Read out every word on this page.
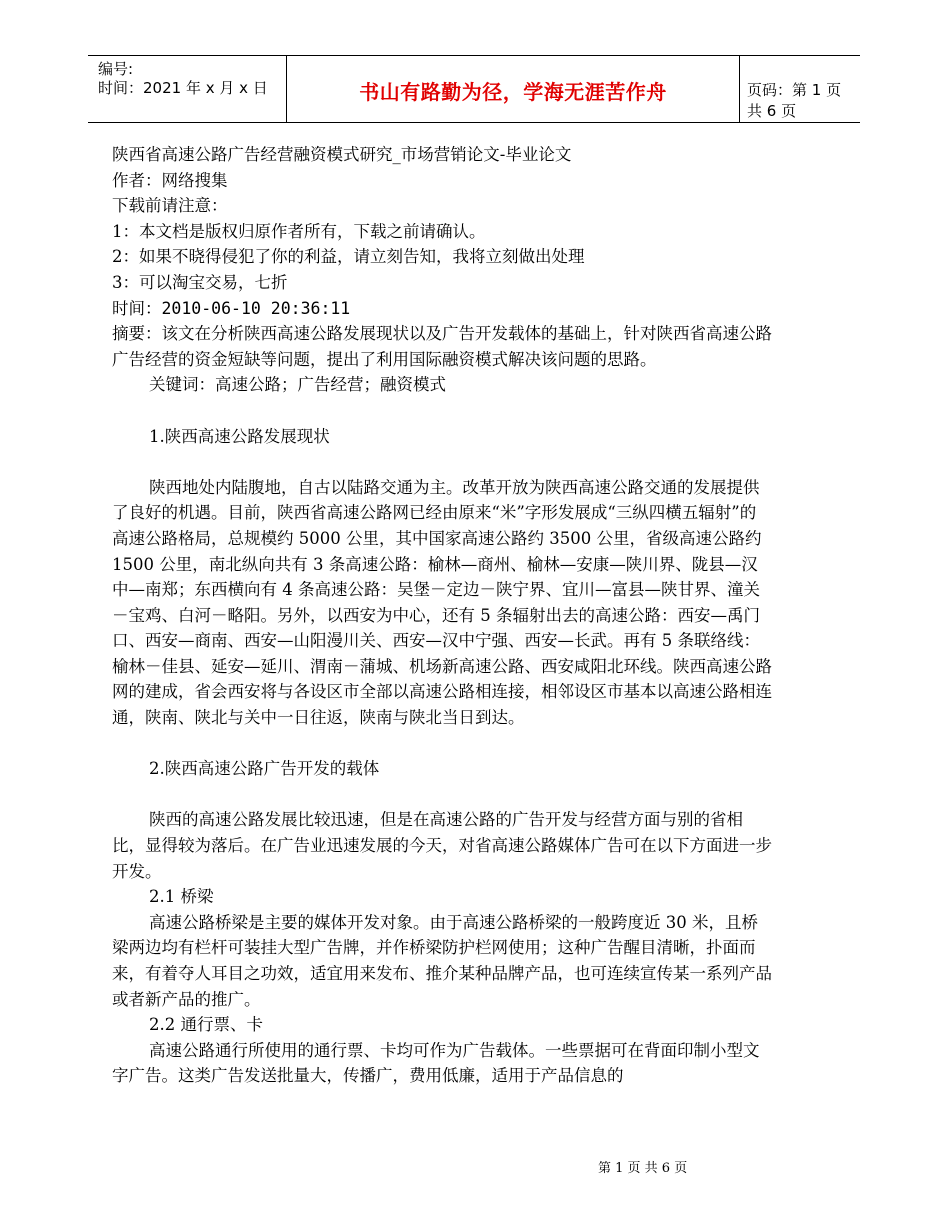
编号:
时间：2021 年 x 月 x 日	书山有路勤为径，学海无涯苦作舟	页码：第 1 页 共 6 页

陕西省高速公路广告经营融资模式研究_市场营销论文-毕业论文

作者：网络搜集

下载前请注意：

1：本文档是版权归原作者所有，下载之前请确认。

2：如果不晓得侵犯了你的利益，请立刻告知，我将立刻做出处理

3：可以淘宝交易，七折

时间：2010-06-10 20:36:11

摘要：该文在分析陕西高速公路发展现状以及广告开发载体的基础上，针对陕西省高速公路广告经营的资金短缺等问题，提出了利用国际融资模式解决该问题的思路。

关键词：高速公路；广告经营；融资模式

1.陕西高速公路发展现状

陕西地处内陆腹地，自古以陆路交通为主。改革开放为陕西高速公路交通的发展提供了良好的机遇。目前，陕西省高速公路网已经由原来“米”字形发展成“三纵四横五辐射”的高速公路格局，总规模约 5000 公里，其中国家高速公路约 3500 公里，省级高速公路约 1500 公里，南北纵向共有 3 条高速公路：榆林—商州、榆林—安康—陕川界、陇县—汉中—南郑；东西横向有 4 条高速公路：吴堡－定边－陕宁界、宜川—富县—陕甘界、潼关－宝鸡、白河－略阳。另外，以西安为中心，还有 5 条辐射出去的高速公路：西安—禹门口、西安—商南、西安—山阳漫川关、西安—汉中宁强、西安—长武。再有 5 条联络线：榆林－佳县、延安—延川、渭南－蒲城、机场新高速公路、西安咸阳北环线。陕西高速公路网的建成，省会西安将与各设区市全部以高速公路相连接，相邻设区市基本以高速公路相连通，陕南、陕北与关中一日往返，陕南与陕北当日到达。

2.陕西高速公路广告开发的载体

陕西的高速公路发展比较迅速，但是在高速公路的广告开发与经营方面与别的省相比，显得较为落后。在广告业迅速发展的今天，对省高速公路媒体广告可在以下方面进一步开发。

2.1 桥梁

高速公路桥梁是主要的媒体开发对象。由于高速公路桥梁的一般跨度近 30 米，且桥梁两边均有栏杆可装挂大型广告牌，并作桥梁防护栏网使用；这种广告醒目清晰，扑面而来，有着夺人耳目之功效，适宜用来发布、推介某种品牌产品，也可连续宣传某一系列产品或者新产品的推广。

2.2 通行票、卡

高速公路通行所使用的通行票、卡均可作为广告载体。一些票据可在背面印制小型文字广告。这类广告发送批量大，传播广，费用低廉，适用于产品信息的

第 1 页 共 6 页
